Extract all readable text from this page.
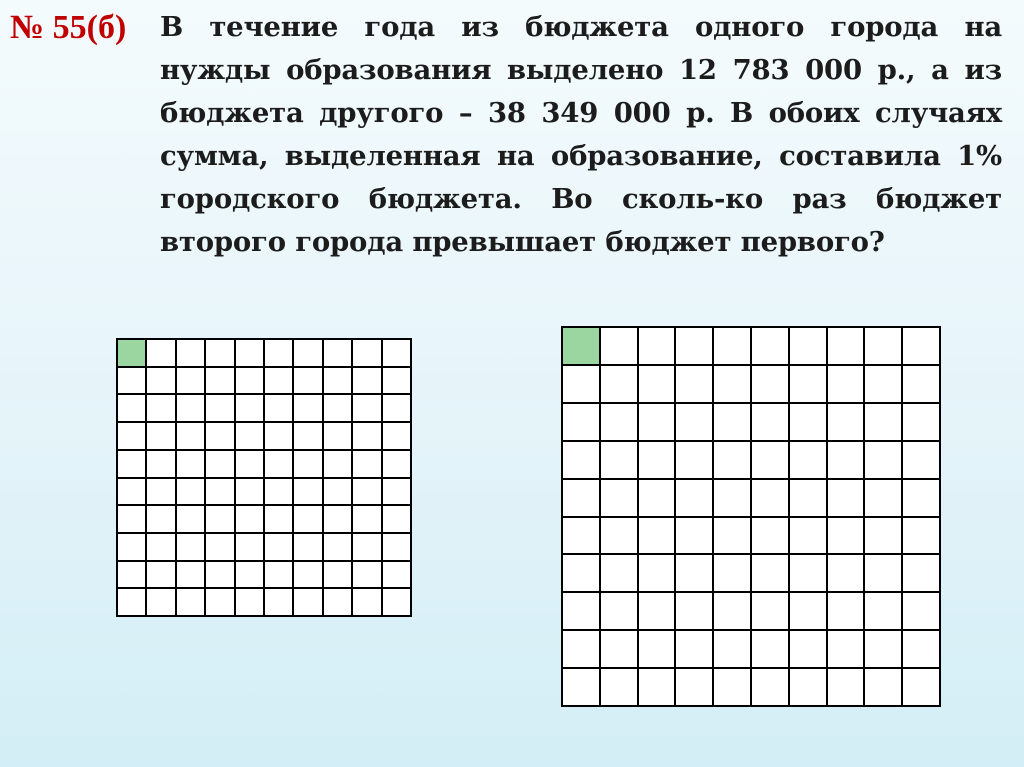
№ 55(б) В течение года из бюджета одного города на нужды образования выделено 12 783 000 р., а из бюджета другого – 38 349 000 р. В обоих случаях сумма, выделенная на образование, составила 1% городского бюджета. Во сколь-ко раз бюджет второго города превышает бюджет первого?
